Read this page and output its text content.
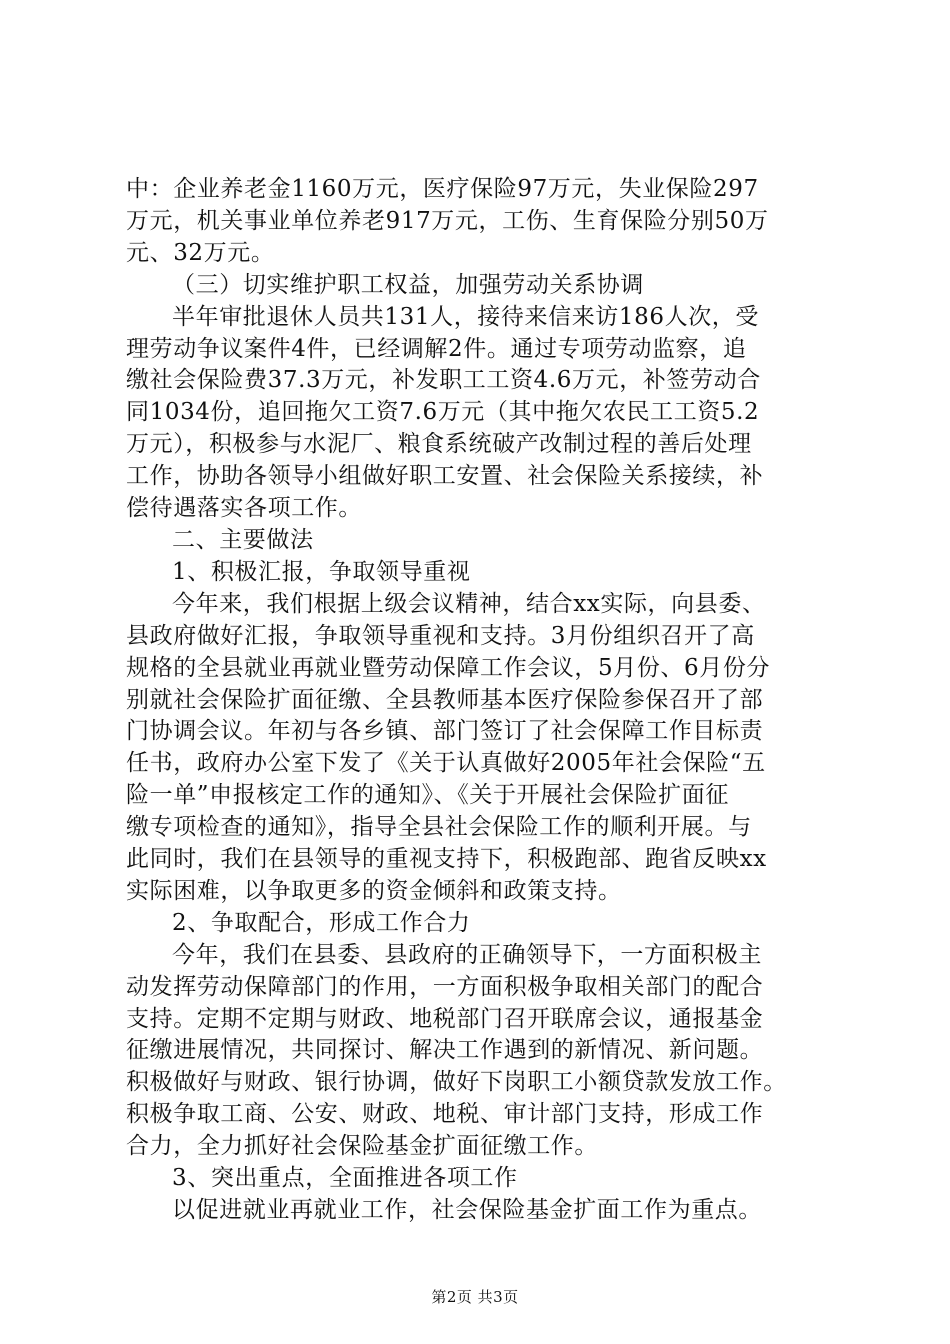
中：企业养老金1160万元，医疗保险97万元，失业保险297
万元，机关事业单位养老917万元，工伤、生育保险分别50万
元、32万元。
（三）切实维护职工权益，加强劳动关系协调
半年审批退休人员共131人，接待来信来访186人次，受
理劳动争议案件4件，已经调解2件。通过专项劳动监察，追
缴社会保险费37.3万元，补发职工工资4.6万元，补签劳动合
同1034份，追回拖欠工资7.6万元（其中拖欠农民工工资5.2
万元），积极参与水泥厂、粮食系统破产改制过程的善后处理
工作，协助各领导小组做好职工安置、社会保险关系接续，补
偿待遇落实各项工作。
二、主要做法
1、积极汇报，争取领导重视
今年来，我们根据上级会议精神，结合xx实际，向县委、
县政府做好汇报，争取领导重视和支持。3月份组织召开了高
规格的全县就业再就业暨劳动保障工作会议，5月份、6月份分
别就社会保险扩面征缴、全县教师基本医疗保险参保召开了部
门协调会议。年初与各乡镇、部门签订了社会保障工作目标责
任书，政府办公室下发了《关于认真做好2005年社会保险“五
险一单”申报核定工作的通知》、《关于开展社会保险扩面征
缴专项检查的通知》，指导全县社会保险工作的顺利开展。与
此同时，我们在县领导的重视支持下，积极跑部、跑省反映xx
实际困难，以争取更多的资金倾斜和政策支持。
2、争取配合，形成工作合力
今年，我们在县委、县政府的正确领导下，一方面积极主
动发挥劳动保障部门的作用，一方面积极争取相关部门的配合
支持。定期不定期与财政、地税部门召开联席会议，通报基金
征缴进展情况，共同探讨、解决工作遇到的新情况、新问题。
积极做好与财政、银行协调，做好下岗职工小额贷款发放工作。
积极争取工商、公安、财政、地税、审计部门支持，形成工作
合力，全力抓好社会保险基金扩面征缴工作。
3、突出重点，全面推进各项工作
以促进就业再就业工作，社会保险基金扩面工作为重点。
第2页 共3页
